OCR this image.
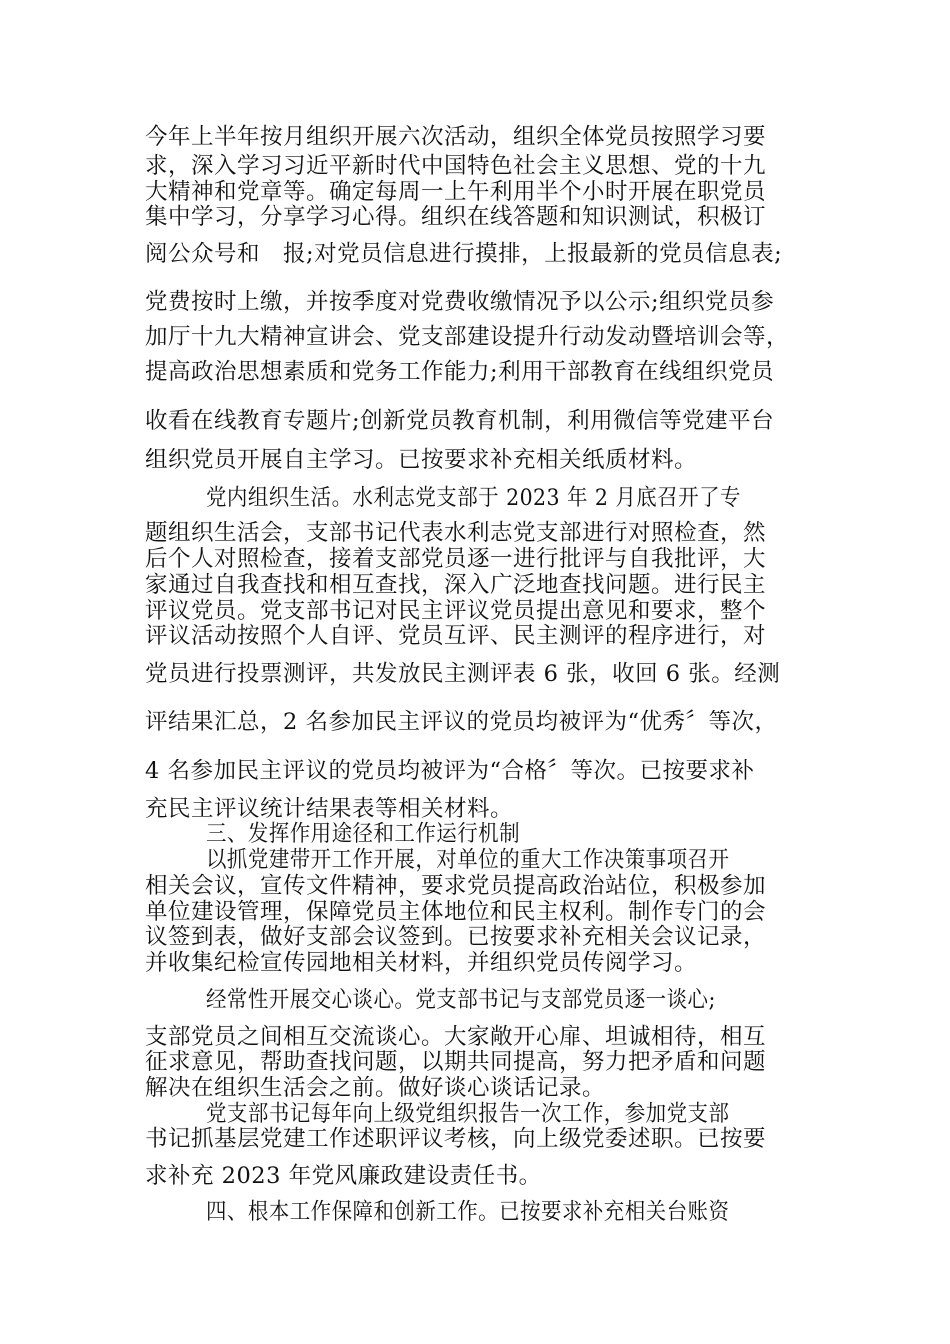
今年上半年按月组织开展六次活动，组织全体党员按照学习要
求，深入学习习近平新时代中国特色社会主义思想、党的十九
大精神和党章等。确定每周一上午利用半个小时开展在职党员
集中学习，分享学习心得。组织在线答题和知识测试，积极订
阅公众号和　报;对党员信息进行摸排，上报最新的党员信息表;
党费按时上缴，并按季度对党费收缴情况予以公示;组织党员参
加厅十九大精神宣讲会、党支部建设提升行动发动暨培训会等，
提高政治思想素质和党务工作能力;利用干部教育在线组织党员
收看在线教育专题片;创新党员教育机制，利用微信等党建平台
组织党员开展自主学习。已按要求补充相关纸质材料。
党内组织生活。水利志党支部于 2023 年 2 月底召开了专
题组织生活会，支部书记代表水利志党支部进行对照检查，然
后个人对照检查，接着支部党员逐一进行批评与自我批评，大
家通过自我查找和相互查找，深入广泛地查找问题。进行民主
评议党员。党支部书记对民主评议党员提出意见和要求，整个
评议活动按照个人自评、党员互评、民主测评的程序进行，对
党员进行投票测评，共发放民主测评表 6 张，收回 6 张。经测
评结果汇总，2 名参加民主评议的党员均被评为“优秀〞等次，
4 名参加民主评议的党员均被评为“合格〞等次。已按要求补
充民主评议统计结果表等相关材料。
三、发挥作用途径和工作运行机制
以抓党建带开工作开展，对单位的重大工作决策事项召开
相关会议，宣传文件精神，要求党员提高政治站位，积极参加
单位建设管理，保障党员主体地位和民主权利。制作专门的会
议签到表，做好支部会议签到。已按要求补充相关会议记录，
并收集纪检宣传园地相关材料，并组织党员传阅学习。
经常性开展交心谈心。党支部书记与支部党员逐一谈心;
支部党员之间相互交流谈心。大家敞开心扉、坦诚相待，相互
征求意见，帮助查找问题，以期共同提高，努力把矛盾和问题
解决在组织生活会之前。做好谈心谈话记录。
党支部书记每年向上级党组织报告一次工作，参加党支部
书记抓基层党建工作述职评议考核，向上级党委述职。已按要
求补充 2023 年党风廉政建设责任书。
四、根本工作保障和创新工作。已按要求补充相关台账资
